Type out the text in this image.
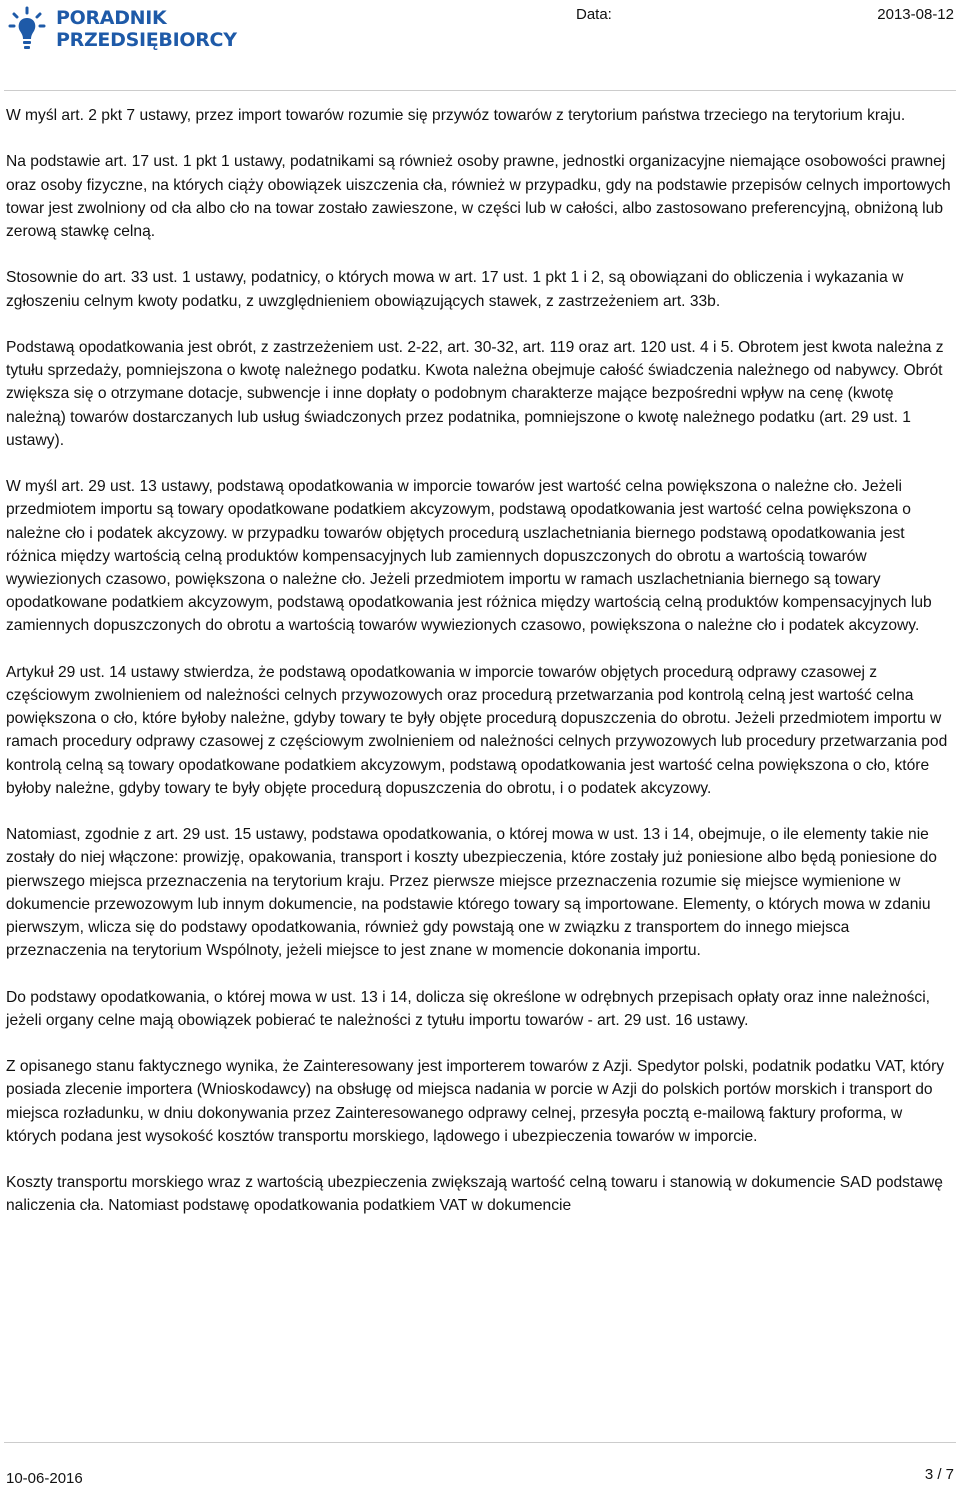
PORADNIK
PRZEDSIĘBIORCY
Data:	2013-08-12

W myśl art. 2 pkt 7 ustawy, przez import towarów rozumie się przywóz towarów z terytorium państwa trzeciego na terytorium kraju.

Na podstawie art. 17 ust. 1 pkt 1 ustawy, podatnikami są również osoby prawne, jednostki organizacyjne niemające osobowości prawnej oraz osoby fizyczne, na których ciąży obowiązek uiszczenia cła, również w przypadku, gdy na podstawie przepisów celnych importowych towar jest zwolniony od cła albo cło na towar zostało zawieszone, w części lub w całości, albo zastosowano preferencyjną, obniżoną lub zerową stawkę celną.

Stosownie do art. 33 ust. 1 ustawy, podatnicy, o których mowa w art. 17 ust. 1 pkt 1 i 2, są obowiązani do obliczenia i wykazania w zgłoszeniu celnym kwoty podatku, z uwzględnieniem obowiązujących stawek, z zastrzeżeniem art. 33b.

Podstawą opodatkowania jest obrót, z zastrzeżeniem ust. 2-22, art. 30-32, art. 119 oraz art. 120 ust. 4 i 5. Obrotem jest kwota należna z tytułu sprzedaży, pomniejszona o kwotę należnego podatku. Kwota należna obejmuje całość świadczenia należnego od nabywcy. Obrót zwiększa się o otrzymane dotacje, subwencje i inne dopłaty o podobnym charakterze mające bezpośredni wpływ na cenę (kwotę należną) towarów dostarczanych lub usług świadczonych przez podatnika, pomniejszone o kwotę należnego podatku (art. 29 ust. 1 ustawy).

W myśl art. 29 ust. 13 ustawy, podstawą opodatkowania w imporcie towarów jest wartość celna powiększona o należne cło. Jeżeli przedmiotem importu są towary opodatkowane podatkiem akcyzowym, podstawą opodatkowania jest wartość celna powiększona o należne cło i podatek akcyzowy. w przypadku towarów objętych procedurą uszlachetniania biernego podstawą opodatkowania jest różnica między wartością celną produktów kompensacyjnych lub zamiennych dopuszczonych do obrotu a wartością towarów wywiezionych czasowo, powiększona o należne cło. Jeżeli przedmiotem importu w ramach uszlachetniania biernego są towary opodatkowane podatkiem akcyzowym, podstawą opodatkowania jest różnica między wartością celną produktów kompensacyjnych lub zamiennych dopuszczonych do obrotu a wartością towarów wywiezionych czasowo, powiększona o należne cło i podatek akcyzowy.

Artykuł 29 ust. 14 ustawy stwierdza, że podstawą opodatkowania w imporcie towarów objętych procedurą odprawy czasowej z częściowym zwolnieniem od należności celnych przywozowych oraz procedurą przetwarzania pod kontrolą celną jest wartość celna powiększona o cło, które byłoby należne, gdyby towary te były objęte procedurą dopuszczenia do obrotu. Jeżeli przedmiotem importu w ramach procedury odprawy czasowej z częściowym zwolnieniem od należności celnych przywozowych lub procedury przetwarzania pod kontrolą celną są towary opodatkowane podatkiem akcyzowym, podstawą opodatkowania jest wartość celna powiększona o cło, które byłoby należne, gdyby towary te były objęte procedurą dopuszczenia do obrotu, i o podatek akcyzowy.

Natomiast, zgodnie z art. 29 ust. 15 ustawy, podstawa opodatkowania, o której mowa w ust. 13 i 14, obejmuje, o ile elementy takie nie zostały do niej włączone: prowizję, opakowania, transport i koszty ubezpieczenia, które zostały już poniesione albo będą poniesione do pierwszego miejsca przeznaczenia na terytorium kraju. Przez pierwsze miejsce przeznaczenia rozumie się miejsce wymienione w dokumencie przewozowym lub innym dokumencie, na podstawie którego towary są importowane. Elementy, o których mowa w zdaniu pierwszym, wlicza się do podstawy opodatkowania, również gdy powstają one w związku z transportem do innego miejsca przeznaczenia na terytorium Wspólnoty, jeżeli miejsce to jest znane w momencie dokonania importu.

Do podstawy opodatkowania, o której mowa w ust. 13 i 14, dolicza się określone w odrębnych przepisach opłaty oraz inne należności, jeżeli organy celne mają obowiązek pobierać te należności z tytułu importu towarów - art. 29 ust. 16 ustawy.

Z opisanego stanu faktycznego wynika, że Zainteresowany jest importerem towarów z Azji. Spedytor polski, podatnik podatku VAT, który posiada zlecenie importera (Wnioskodawcy) na obsługę od miejsca nadania w porcie w Azji do polskich portów morskich i transport do miejsca rozładunku, w dniu dokonywania przez Zainteresowanego odprawy celnej, przesyła pocztą e-mailową faktury proforma, w których podana jest wysokość kosztów transportu morskiego, lądowego i ubezpieczenia towarów w imporcie.

Koszty transportu morskiego wraz z wartością ubezpieczenia zwiększają wartość celną towaru i stanowią w dokumencie SAD podstawę naliczenia cła. Natomiast podstawę opodatkowania podatkiem VAT w dokumencie

10-06-2016	3 / 7
